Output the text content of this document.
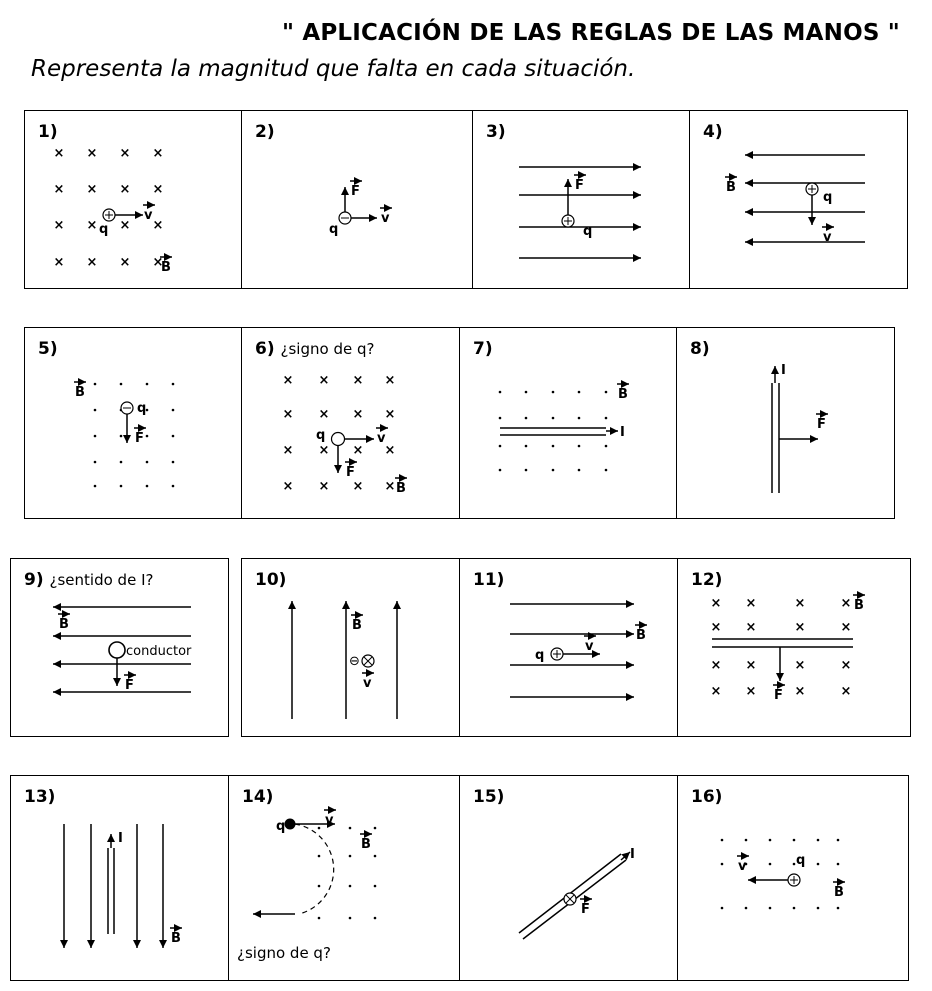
" APLICACIÓN DE LAS REGLAS DE LAS MANOS "
Representa la magnitud que falta en cada situación.
1)
×
×
×
×
×
×
×
×
×
×
×
×
×
×
×
×
v
q
B
2)
F
v
q
3)
F
q
4)
B
v
q
5)
B
q
F
6) ¿signo de q?
×
×
×
×
×
×
×
×
×
×
×
×
×
×
×
×
q	v
F
B
7)
I
B
8)
I
F
9) ¿sentido de I?
B
conductor
F
10)
B
⊖
v
11)
B
q
v
12)
×
×
×
×
×
×
×
×
×
×
×
×
×
×
×
×
F
B
13)
I
B
14)
¿signo de q?
q	v
B
15)
I
F
16)
v	q
B
